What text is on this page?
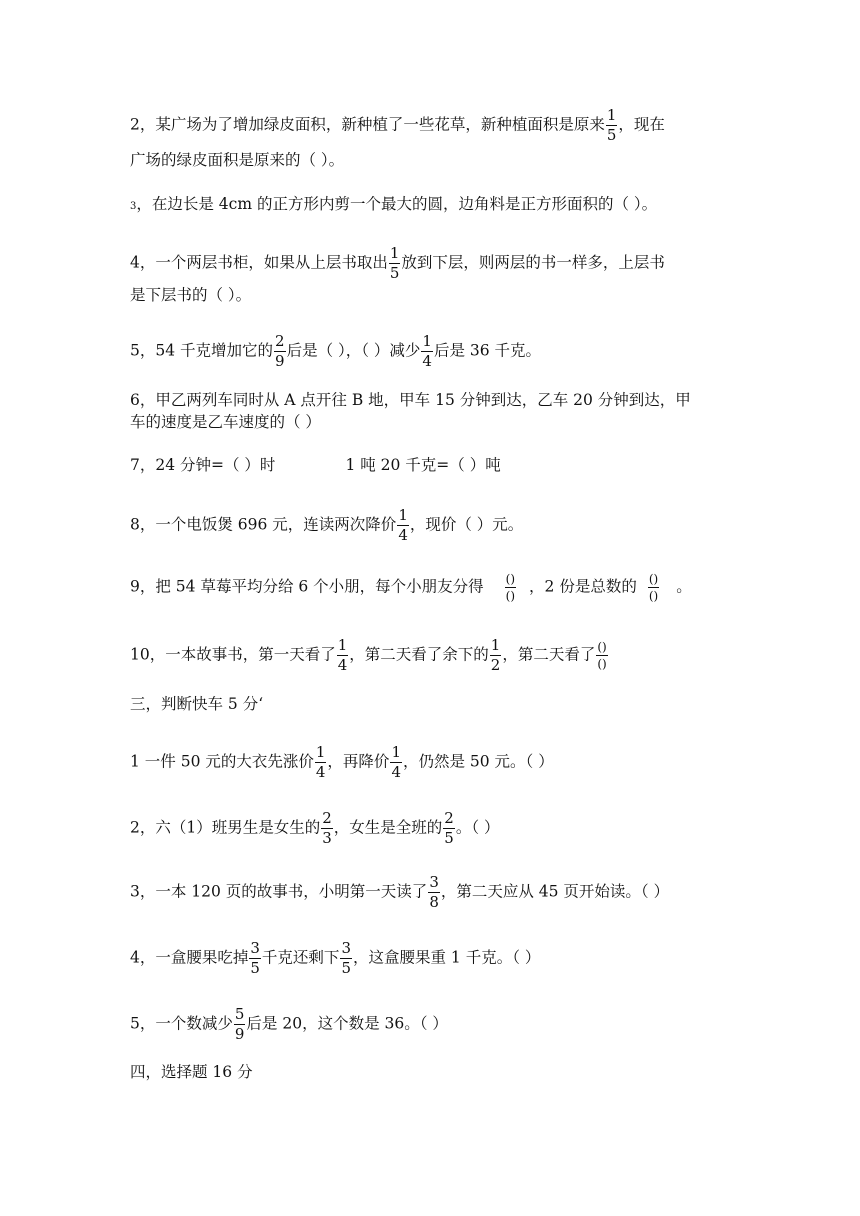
2，某广场为了增加绿皮面积，新种植了一些花草，新种植面积是原来 $\frac{1}{5}$ ，现在
广场的绿皮面积是原来的（ ）。
3，在边长是 4cm 的正方形内剪一个最大的圆，边角料是正方形面积的（ ）。
4，一个两层书柜，如果从上层书取出 $\frac{1}{5}$ 放到下层，则两层的书一样多，上层书
是下层书的（ ）。
5，54 千克增加它的 $\frac{2}{9}$ 后是（ ），（ ）减少 $\frac{1}{4}$ 后是 36 千克。
6，甲乙两列车同时从 A 点开往 B 地，甲车 15 分钟到达，乙车 20 分钟到达，甲
车的速度是乙车速度的（ ）
7，24 分钟=（ ）时	1 吨 20 千克=（ ）吨
8，一个电饭煲 696 元，连读两次降价 $\frac{1}{4}$ ，现价（ ）元。
9，把 54 草莓平均分给 6 个小朋，每个小朋友分得 $\frac{()}{()}$ ，2 份是总数的 $\frac{()}{()}$ 。
10，一本故事书，第一天看了 $\frac{1}{4}$ ，第二天看了余下的 $\frac{1}{2}$ ，第二天看了 $\frac{()}{()}$
三，判断快车 5 分‘
1 一件 50 元的大衣先涨价 $\frac{1}{4}$ ，再降价 $\frac{1}{4}$ ，仍然是 50 元。（ ）
2，六（1）班男生是女生的 $\frac{2}{3}$ ，女生是全班的 $\frac{2}{5}$ 。（ ）
3，一本 120 页的故事书，小明第一天读了 $\frac{3}{8}$ ，第二天应从 45 页开始读。（ ）
4，一盒腰果吃掉 $\frac{3}{5}$ 千克还剩下 $\frac{3}{5}$ ，这盒腰果重 1 千克。（ ）
5，一个数减少 $\frac{5}{9}$ 后是 20，这个数是 36。（ ）
四，选择题 16 分
